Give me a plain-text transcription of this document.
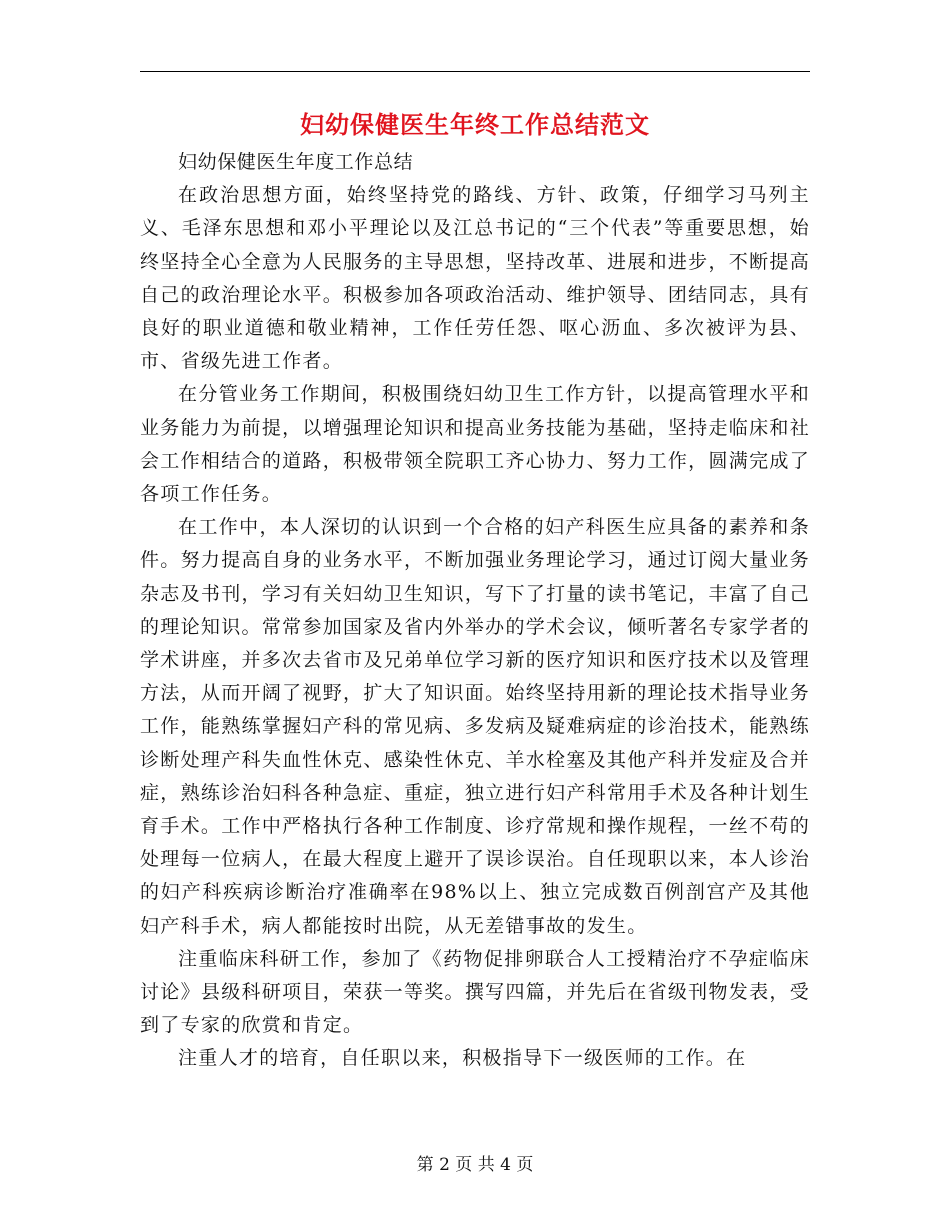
妇幼保健医生年终工作总结范文

妇幼保健医生年度工作总结

在政治思想方面，始终坚持党的路线、方针、政策，仔细学习马列主义、毛泽东思想和邓小平理论以及江总书记的“三个代表”等重要思想，始终坚持全心全意为人民服务的主导思想，坚持改革、进展和进步，不断提高自己的政治理论水平。积极参加各项政治活动、维护领导、团结同志，具有良好的职业道德和敬业精神，工作任劳任怨、呕心沥血、多次被评为县、市、省级先进工作者。

在分管业务工作期间，积极围绕妇幼卫生工作方针，以提高管理水平和业务能力为前提，以增强理论知识和提高业务技能为基础，坚持走临床和社会工作相结合的道路，积极带领全院职工齐心协力、努力工作，圆满完成了各项工作任务。

在工作中，本人深切的认识到一个合格的妇产科医生应具备的素养和条件。努力提高自身的业务水平，不断加强业务理论学习，通过订阅大量业务杂志及书刊，学习有关妇幼卫生知识，写下了打量的读书笔记，丰富了自己的理论知识。常常参加国家及省内外举办的学术会议，倾听著名专家学者的学术讲座，并多次去省市及兄弟单位学习新的医疗知识和医疗技术以及管理方法，从而开阔了视野，扩大了知识面。始终坚持用新的理论技术指导业务工作，能熟练掌握妇产科的常见病、多发病及疑难病症的诊治技术，能熟练诊断处理产科失血性休克、感染性休克、羊水栓塞及其他产科并发症及合并症，熟练诊治妇科各种急症、重症，独立进行妇产科常用手术及各种计划生育手术。工作中严格执行各种工作制度、诊疗常规和操作规程，一丝不苟的处理每一位病人，在最大程度上避开了误诊误治。自任现职以来，本人诊治的妇产科疾病诊断治疗准确率在98%以上、独立完成数百例剖宫产及其他妇产科手术，病人都能按时出院，从无差错事故的发生。

注重临床科研工作，参加了《药物促排卵联合人工授精治疗不孕症临床讨论》县级科研项目，荣获一等奖。撰写四篇，并先后在省级刊物发表，受到了专家的欣赏和肯定。

注重人才的培育，自任职以来，积极指导下一级医师的工作。在

第 2 页 共 4 页
